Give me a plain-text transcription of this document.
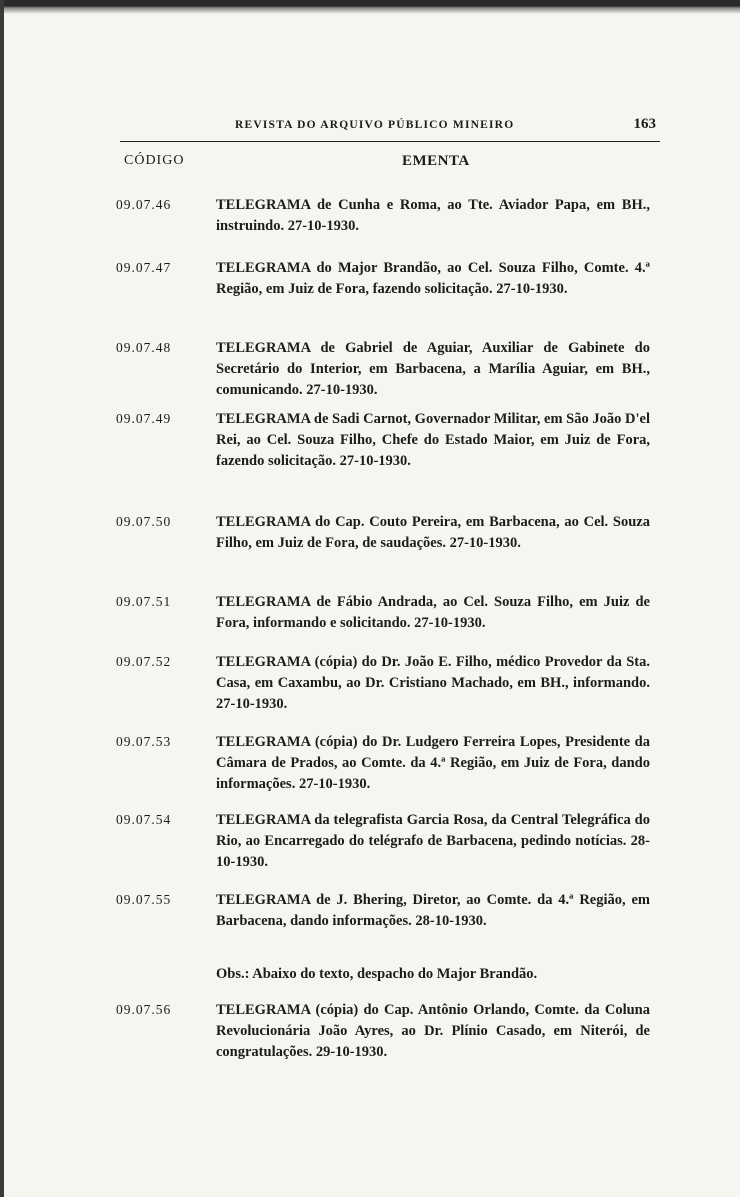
REVISTA DO ARQUIVO PÚBLICO MINEIRO	163
CÓDIGO	EMENTA
09.07.46	TELEGRAMA de Cunha e Roma, ao Tte. Aviador Papa, em BH., instruindo. 27-10-1930.
09.07.47	TELEGRAMA do Major Brandão, ao Cel. Souza Filho, Comte. 4.ª Região, em Juiz de Fora, fazendo solicitação. 27-10-1930.
09.07.48	TELEGRAMA de Gabriel de Aguiar, Auxiliar de Gabinete do Secretário do Interior, em Barbacena, a Marília Aguiar, em BH., comunicando. 27-10-1930.
09.07.49	TELEGRAMA de Sadi Carnot, Governador Militar, em São João D'el Rei, ao Cel. Souza Filho, Chefe do Estado Maior, em Juiz de Fora, fazendo solicitação. 27-10-1930.
09.07.50	TELEGRAMA do Cap. Couto Pereira, em Barbacena, ao Cel. Souza Filho, em Juiz de Fora, de saudações. 27-10-1930.
09.07.51	TELEGRAMA de Fábio Andrada, ao Cel. Souza Filho, em Juiz de Fora, informando e solicitando. 27-10-1930.
09.07.52	TELEGRAMA (cópia) do Dr. João E. Filho, médico Provedor da Sta. Casa, em Caxambu, ao Dr. Cristiano Machado, em BH., informando. 27-10-1930.
09.07.53	TELEGRAMA (cópia) do Dr. Ludgero Ferreira Lopes, Presidente da Câmara de Prados, ao Comte. da 4.ª Região, em Juiz de Fora, dando informações. 27-10-1930.
09.07.54	TELEGRAMA da telegrafista Garcia Rosa, da Central Telegráfica do Rio, ao Encarregado do telégrafo de Barbacena, pedindo notícias. 28-10-1930.
09.07.55	TELEGRAMA de J. Bhering, Diretor, ao Comte. da 4.ª Região, em Barbacena, dando informações. 28-10-1930.
Obs.: Abaixo do texto, despacho do Major Brandão.
09.07.56	TELEGRAMA (cópia) do Cap. Antônio Orlando, Comte. da Coluna Revolucionária João Ayres, ao Dr. Plínio Casado, em Niterói, de congratulações. 29-10-1930.
